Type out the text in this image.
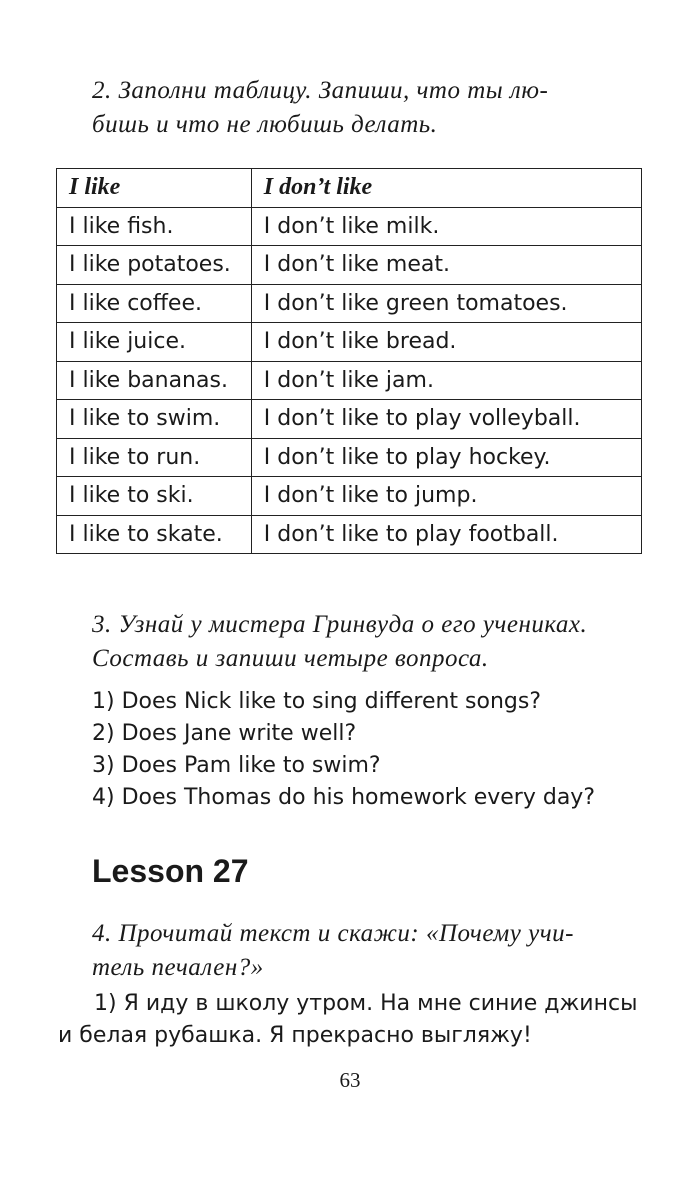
2. Заполни таблицу. Запиши, что ты лю-
бишь и что не любишь делать.
I like	I don’t like
I like fish.	I don’t like milk.
I like potatoes.	I don’t like meat.
I like coffee.	I don’t like green tomatoes.
I like juice.	I don’t like bread.
I like bananas.	I don’t like jam.
I like to swim.	I don’t like to play volleyball.
I like to run.	I don’t like to play hockey.
I like to ski.	I don’t like to jump.
I like to skate.	I don’t like to play football.
3. Узнай у мистера Гринвуда о его учениках.
Составь и запиши четыре вопроса.
1) Does Nick like to sing different songs?
2) Does Jane write well?
3) Does Pam like to swim?
4) Does Thomas do his homework every day?
Lesson 27
4. Прочитай текст и скажи: «Почему учи-
тель печален?»
1) Я иду в школу утром. На мне синие джинсы
и белая рубашка. Я прекрасно выгляжу!
63
